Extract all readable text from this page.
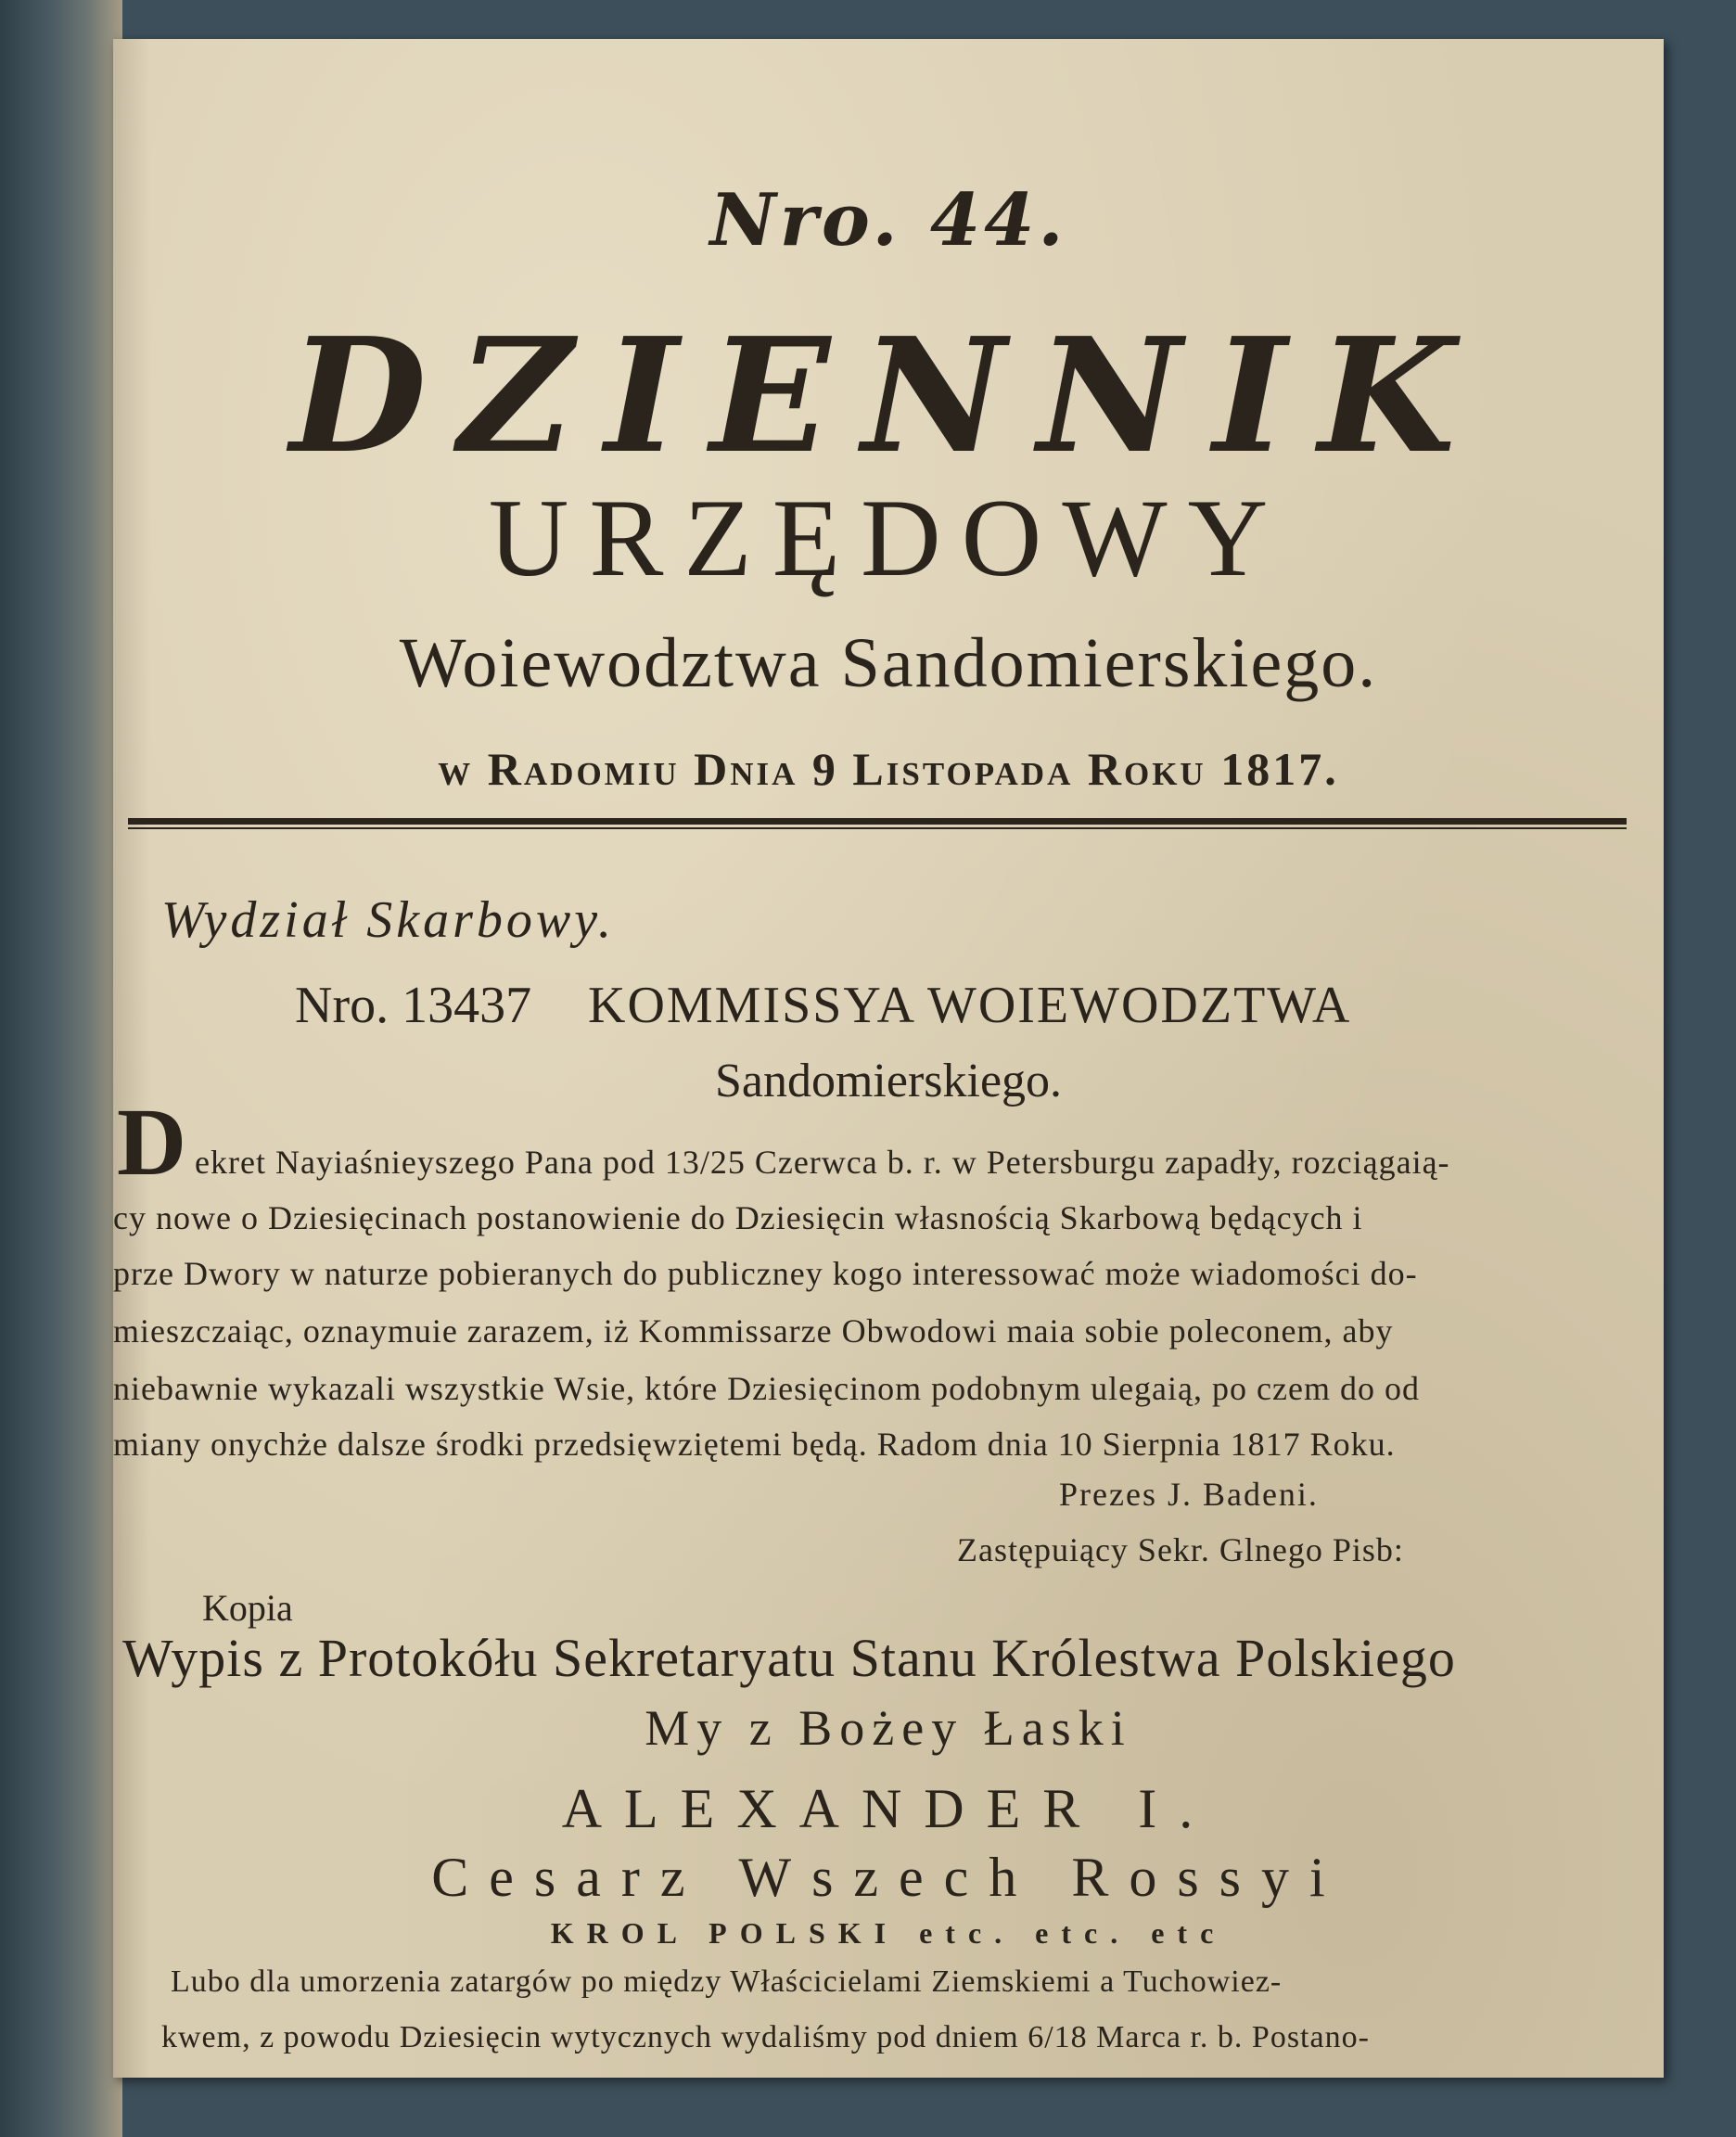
Nro. 44.
DZIENNIK
URZĘDOWY
Woiewodztwa Sandomierskiego.
w Radomiu Dnia 9 Listopada Roku 1817.
Wydział Skarbowy.
Nro. 13437 KOMMISSYA WOIEWODZTWA
Sandomierskiego.
D ekret Nayiaśnieyszego Pana pod 13/25 Czerwca b. r. w Petersburgu zapadły, rozciągaią-
cy nowe o Dziesięcinach postanowienie do Dziesięcin własnością Skarbową będących i
prze Dwory w naturze pobieranych do publiczney kogo interessować może wiadomości do-
mieszczaiąc, oznaymuie zarazem, iż Kommissarze Obwodowi maia sobie poleconem, aby
niebawnie wykazali wszystkie Wsie, które Dziesięcinom podobnym ulegaią, po czem do od
miany onychże dalsze środki przedsięwziętemi będą. Radom dnia 10 Sierpnia 1817 Roku.
Prezes J. Badeni.
Zastępuiący Sekr. Glnego Pisb:
Kopia
Wypis z Protokółu Sekretaryatu Stanu Królestwa Polskiego
My z Bożey Łaski
ALEXANDER I.
Cesarz Wszech Rossyi
KROL POLSKI etc. etc. etc
Lubo dla umorzenia zatargów po między Właścicielami Ziemskiemi a Tuchowiez-
kwem, z powodu Dziesięcin wytycznych wydaliśmy pod dniem 6/18 Marca r. b. Postano-
